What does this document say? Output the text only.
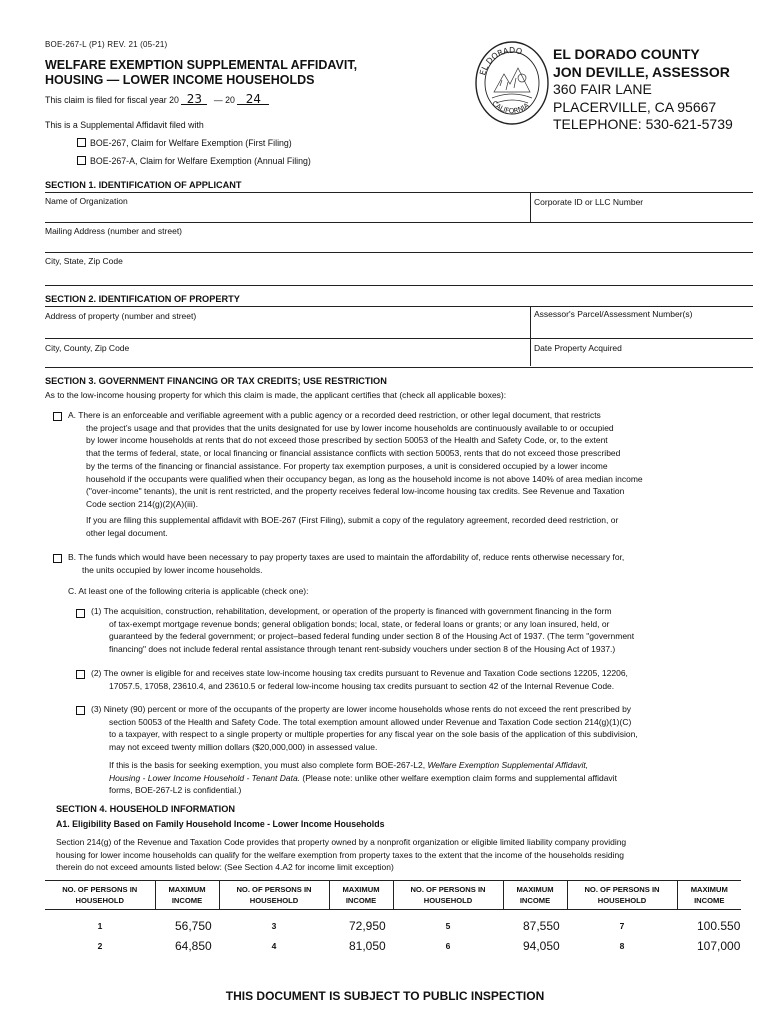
BOE-267-L (P1) REV. 21 (05-21)
WELFARE EXEMPTION SUPPLEMENTAL AFFIDAVIT,
HOUSING — LOWER INCOME HOUSEHOLDS
This claim is filed for fiscal year 20 23 — 20 24
EL DORADO
CALIFORNIA
EL DORADO COUNTY
JON DEVILLE, ASSESSOR
360 FAIR LANE
PLACERVILLE, CA 95667
TELEPHONE: 530-621-5739
This is a Supplemental Affidavit filed with
BOE-267, Claim for Welfare Exemption (First Filing)
BOE-267-A, Claim for Welfare Exemption (Annual Filing)
SECTION 1. IDENTIFICATION OF APPLICANT
Name of Organization	Corporate ID or LLC Number
Mailing Address (number and street)
City, State, Zip Code
SECTION 2. IDENTIFICATION OF PROPERTY
Address of property (number and street)	Assessor's Parcel/Assessment Number(s)
City, County, Zip Code	Date Property Acquired
SECTION 3. GOVERNMENT FINANCING OR TAX CREDITS; USE RESTRICTION
As to the low-income housing property for which this claim is made, the applicant certifies that (check all applicable boxes):
A. There is an enforceable and verifiable agreement with a public agency or a recorded deed restriction, or other legal document, that restricts
the project’s usage and that provides that the units designated for use by lower income households are continuously available to or occupied
by lower income households at rents that do not exceed those prescribed by section 50053 of the Health and Safety Code, or, to the extent
that the terms of federal, state, or local financing or financial assistance conflicts with section 50053, rents that do not exceed those prescribed
by the terms of the financing or financial assistance. For property tax exemption purposes, a unit is considered occupied by a lower income
household if the occupants were qualified when their occupancy began, as long as the household income is not above 140% of area median income
("over-income" tenants), the unit is rent restricted, and the property receives federal low-income housing tax credits. See Revenue and Taxation
Code section 214(g)(2)(A)(iii).
If you are filing this supplemental affidavit with BOE-267 (First Filing), submit a copy of the regulatory agreement, recorded deed restriction, or
other legal document.
B. The funds which would have been necessary to pay property taxes are used to maintain the affordability of, reduce rents otherwise necessary for,
the units occupied by lower income households.
C. At least one of the following criteria is applicable (check one):
(1) The acquisition, construction, rehabilitation, development, or operation of the property is financed with government financing in the form
of tax-exempt mortgage revenue bonds; general obligation bonds; local, state, or federal loans or grants; or any loan insured, held, or
guaranteed by the federal government; or project–based federal funding under section 8 of the Housing Act of 1937. (The term "government
financing" does not include federal rental assistance through tenant rent-subsidy vouchers under section 8 of the Housing Act of 1937.)
(2) The owner is eligible for and receives state low-income housing tax credits pursuant to Revenue and Taxation Code sections 12205, 12206,
17057.5, 17058, 23610.4, and 23610.5 or federal low-income housing tax credits pursuant to section 42 of the Internal Revenue Code.
(3) Ninety (90) percent or more of the occupants of the property are lower income households whose rents do not exceed the rent prescribed by
section 50053 of the Health and Safety Code. The total exemption amount allowed under Revenue and Taxation Code section 214(g)(1)(C)
to a taxpayer, with respect to a single property or multiple properties for any fiscal year on the sole basis of the application of this subdivision,
may not exceed twenty million dollars ($20,000,000) in assessed value.
If this is the basis for seeking exemption, you must also complete form BOE-267-L2, Welfare Exemption Supplemental Affidavit,
Housing - Lower Income Household - Tenant Data. (Please note: unlike other welfare exemption claim forms and supplemental affidavit
forms, BOE-267-L2 is confidential.)
SECTION 4. HOUSEHOLD INFORMATION
A1. Eligibility Based on Family Household Income - Lower Income Households
Section 214(g) of the Revenue and Taxation Code provides that property owned by a nonprofit organization or eligible limited liability company providing
housing for lower income households can qualify for the welfare exemption from property taxes to the extent that the income of the households residing
therein do not exceed amounts listed below: (See Section 4.A2 for income limit exception)
NO. OF PERSONS IN HOUSEHOLD	MAXIMUM INCOME	NO. OF PERSONS IN HOUSEHOLD	MAXIMUM INCOME	NO. OF PERSONS IN HOUSEHOLD	MAXIMUM INCOME	NO. OF PERSONS IN HOUSEHOLD	MAXIMUM INCOME
1	56,750	3	72,950	5	87,550	7	100.550
2	64,850	4	81,050	6	94,050	8	107,000
THIS DOCUMENT IS SUBJECT TO PUBLIC INSPECTION
